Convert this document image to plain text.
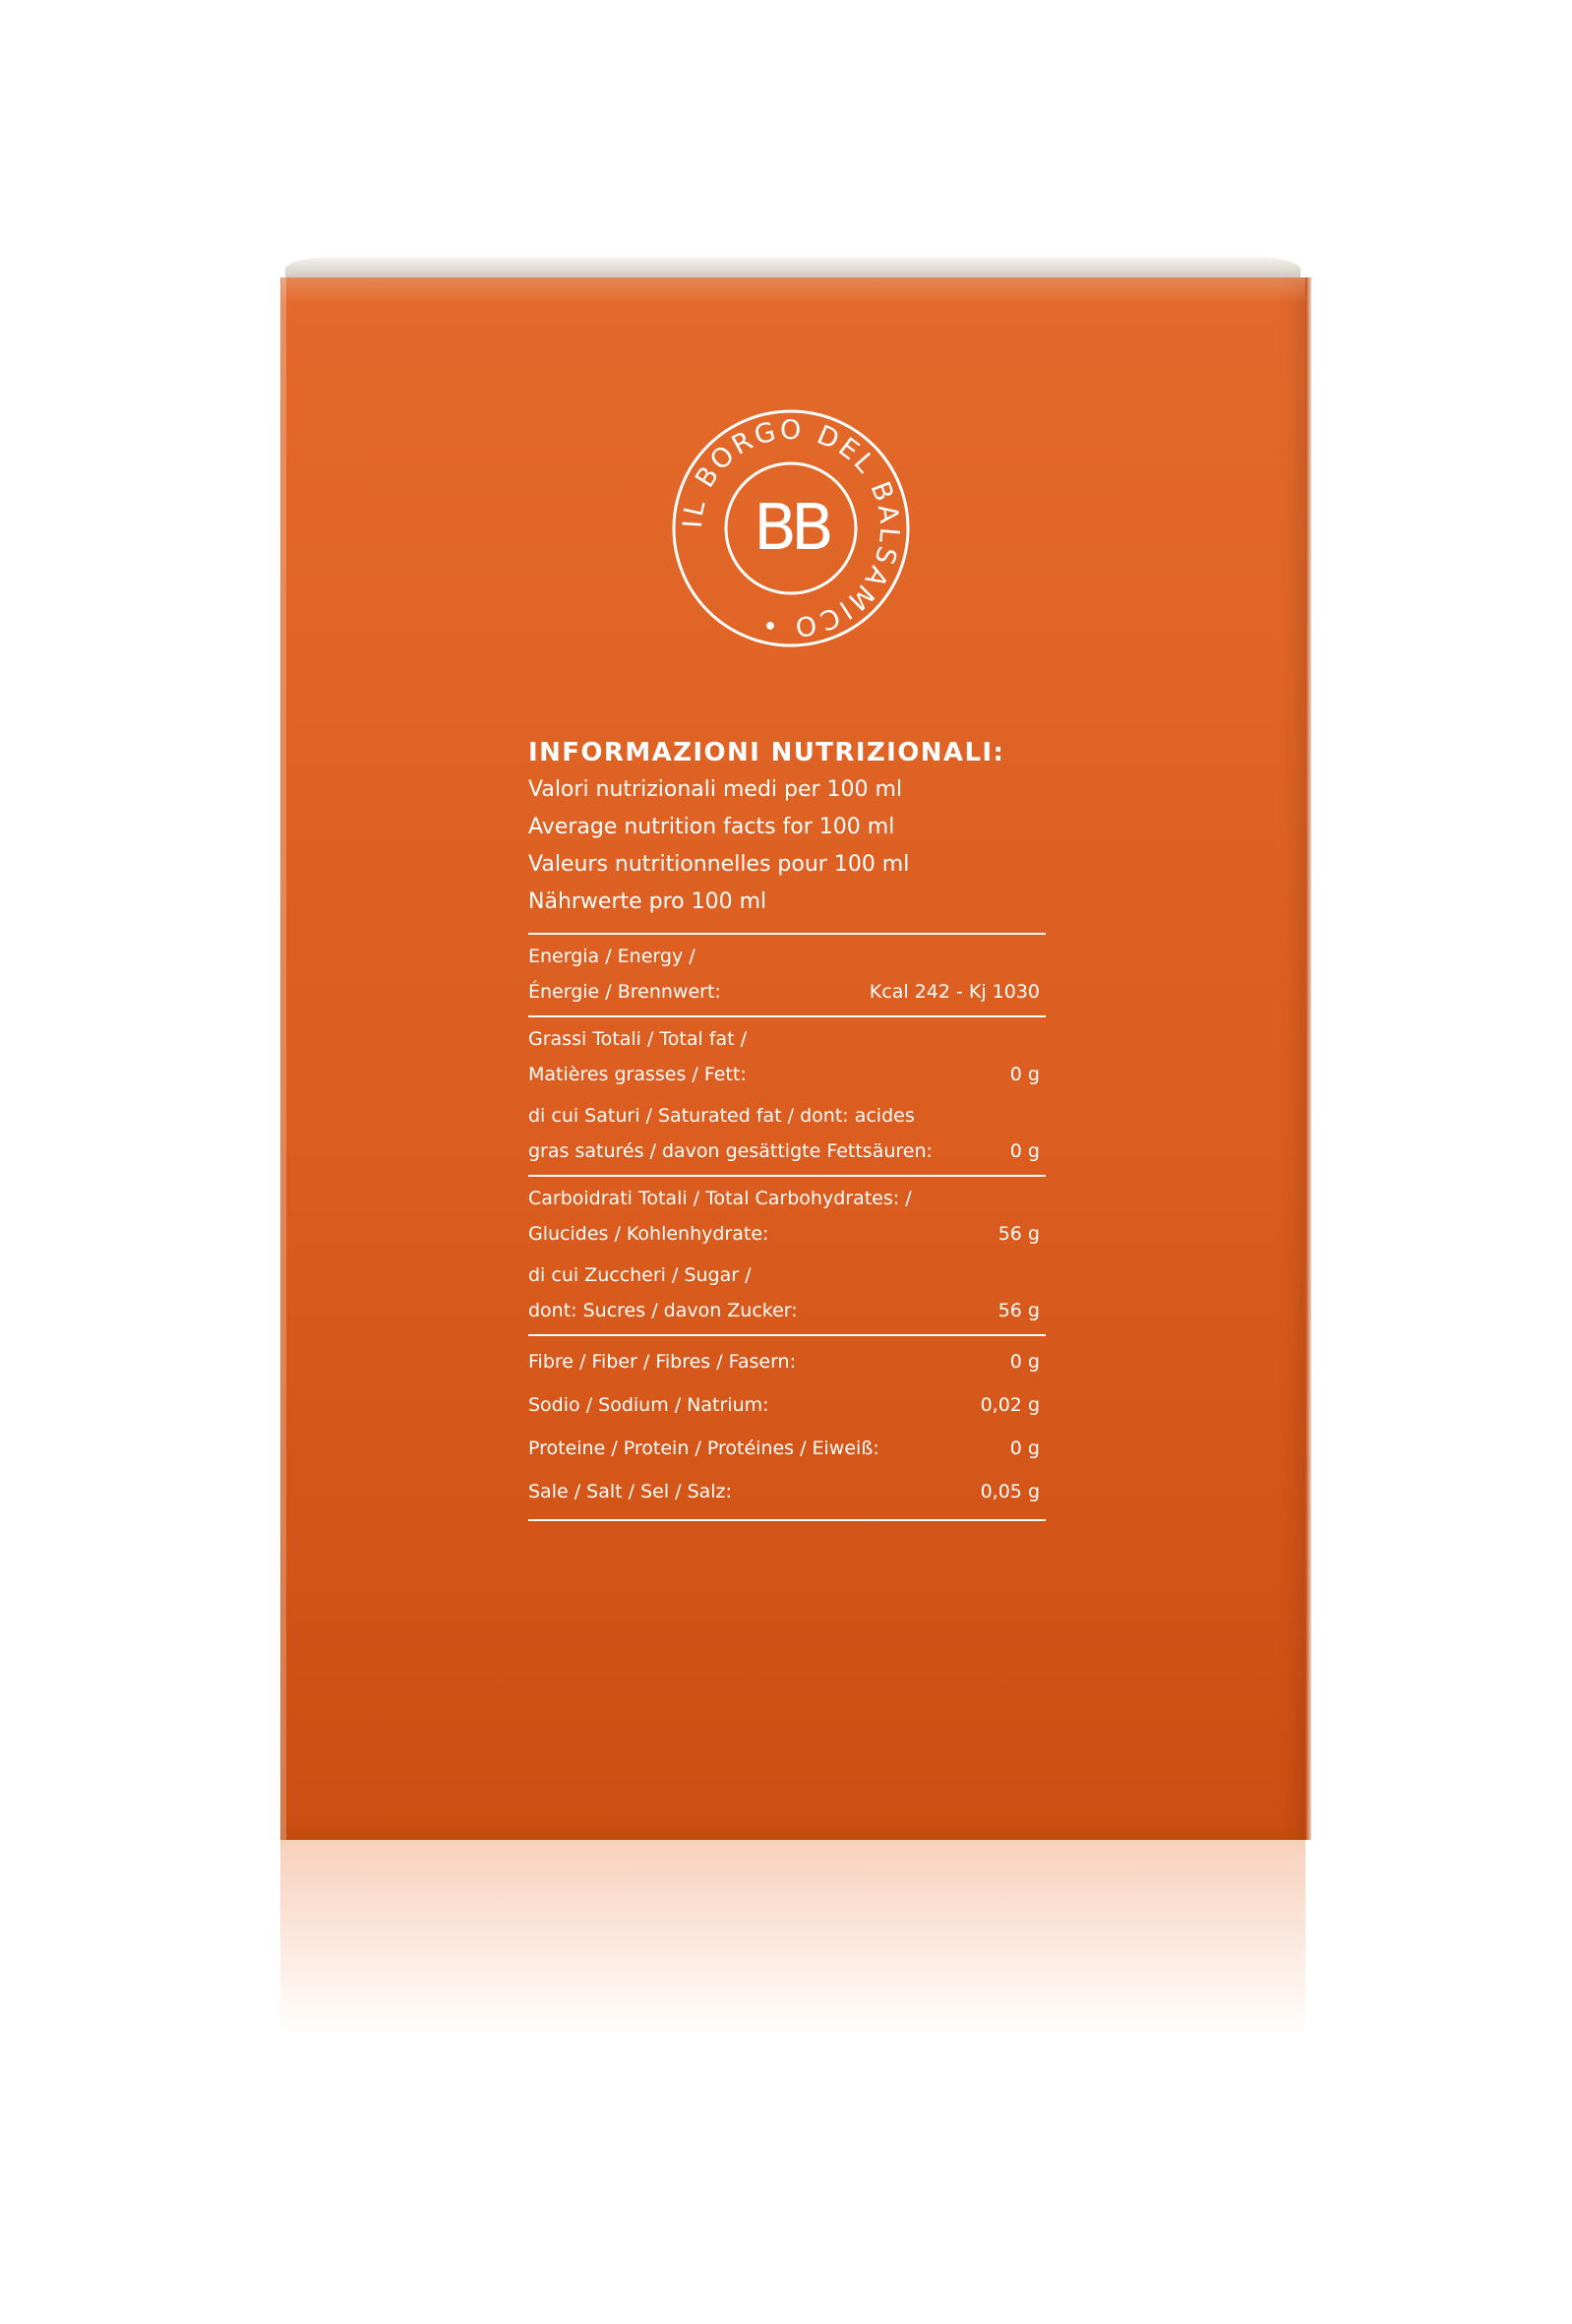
IL BORGO DEL BALSAMICO •
BB
INFORMAZIONI NUTRIZIONALI:
Valori nutrizionali medi per 100 ml
Average nutrition facts for 100 ml
Valeurs nutritionnelles pour 100 ml
Nährwerte pro 100 ml
Energia / Energy /
Énergie / Brennwert:	Kcal 242 - Kj 1030
Grassi Totali / Total fat /
Matières grasses / Fett:	0 g
di cui Saturi / Saturated fat / dont: acides
gras saturés / davon gesättigte Fettsäuren:	0 g
Carboidrati Totali / Total Carbohydrates: /
Glucides / Kohlenhydrate:	56 g
di cui Zuccheri / Sugar /
dont: Sucres / davon Zucker:	56 g
Fibre / Fiber / Fibres / Fasern:	0 g
Sodio / Sodium / Natrium:	0,02 g
Proteine / Protein / Protéines / Eiweiß:	0 g
Sale / Salt / Sel / Salz:	0,05 g
